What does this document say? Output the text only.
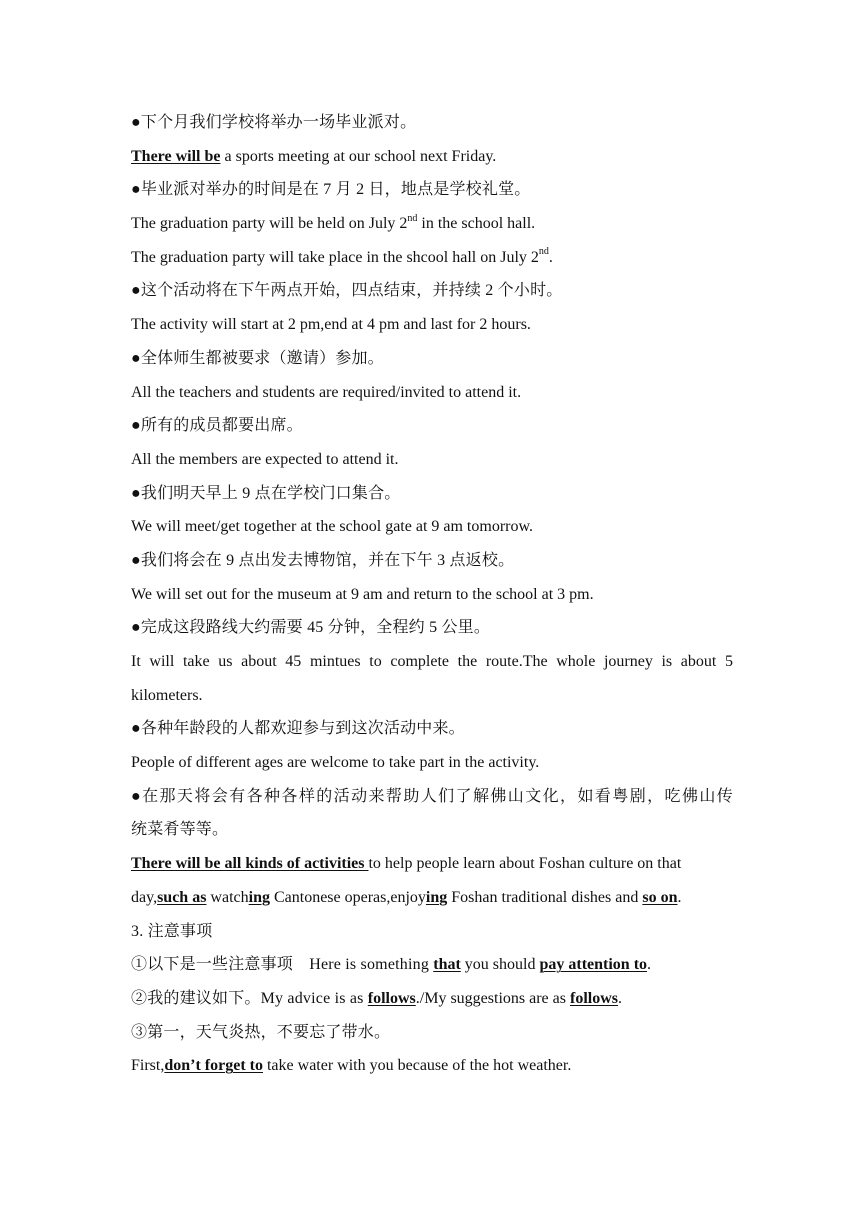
●下个月我们学校将举办一场毕业派对。
There will be a sports meeting at our school next Friday.
●毕业派对举办的时间是在 7 月 2 日，地点是学校礼堂。
The graduation party will be held on July 2nd in the school hall.
The graduation party will take place in the shcool hall on July 2nd.
●这个活动将在下午两点开始，四点结束，并持续 2 个小时。
The activity will start at 2 pm,end at 4 pm and last for 2 hours.
●全体师生都被要求（邀请）参加。
All the teachers and students are required/invited to attend it.
●所有的成员都要出席。
All the members are expected to attend it.
●我们明天早上 9 点在学校门口集合。
We will meet/get together at the school gate at 9 am tomorrow.
●我们将会在 9 点出发去博物馆，并在下午 3 点返校。
We will set out for the museum at 9 am and return to the school at 3 pm.
●完成这段路线大约需要 45 分钟，全程约 5 公里。
It will take us about 45 mintues to complete the route.The whole journey is about 5
kilometers.
●各种年龄段的人都欢迎参与到这次活动中来。
People of different ages are welcome to take part in the activity.
●在那天将会有各种各样的活动来帮助人们了解佛山文化，如看粤剧，吃佛山传
统菜肴等等。
There will be all kinds of activities to help people learn about Foshan culture on that
day,such as watching Cantonese operas,enjoying Foshan traditional dishes and so on.
3. 注意事项
①以下是一些注意事项　Here is something that you should pay attention to.
②我的建议如下。My advice is as follows./My suggestions are as follows.
③第一，天气炎热，不要忘了带水。
First,don’t forget to take water with you because of the hot weather.
